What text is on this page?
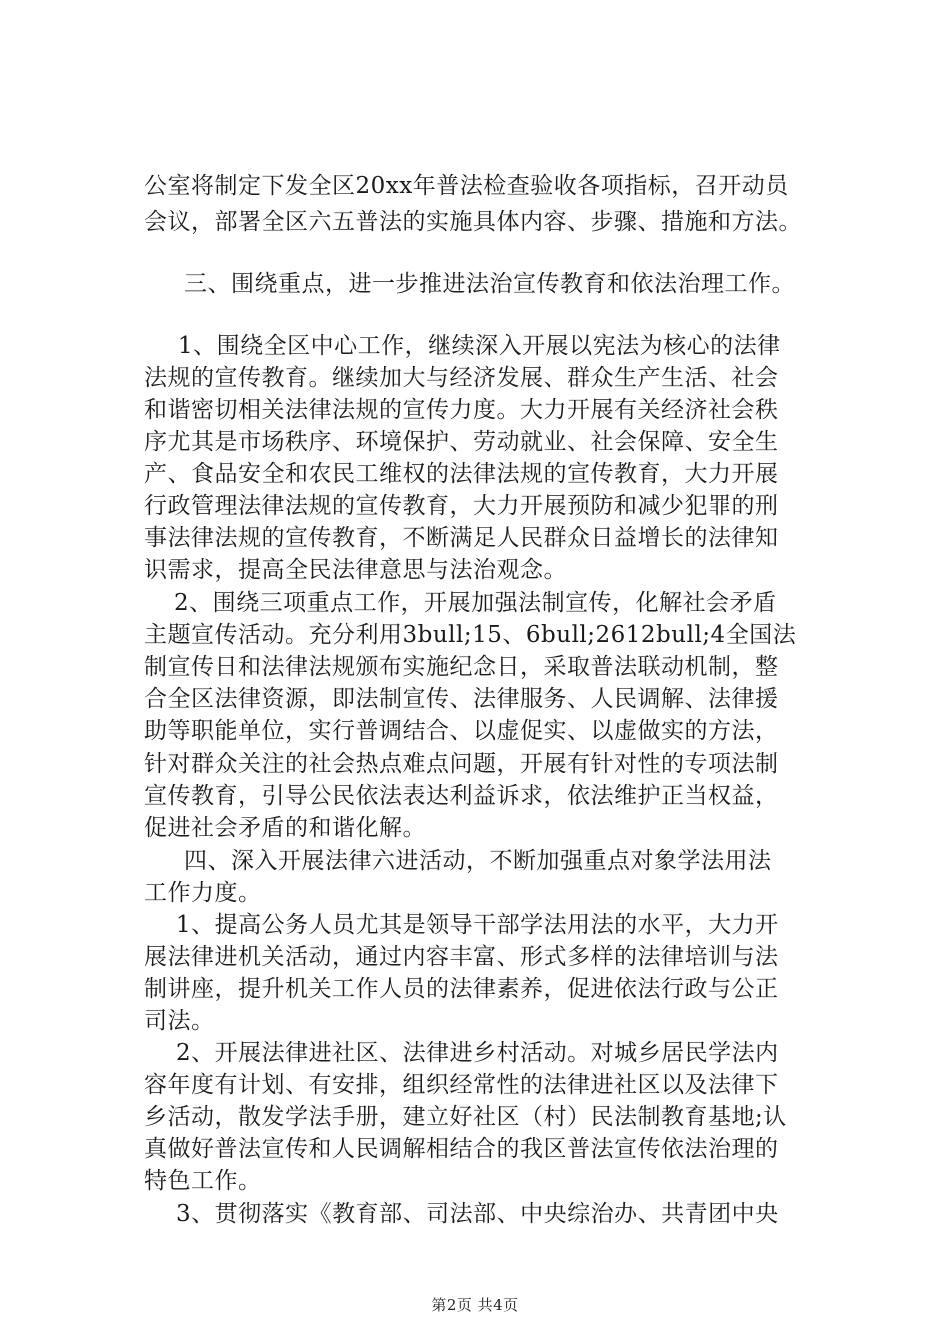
公室将制定下发全区20xx年普法检查验收各项指标，召开动员

会议，部署全区六五普法的实施具体内容、步骤、措施和方法。

三、围绕重点，进一步推进法治宣传教育和依法治理工作。

1、围绕全区中心工作，继续深入开展以宪法为核心的法律

法规的宣传教育。继续加大与经济发展、群众生产生活、社会

和谐密切相关法律法规的宣传力度。大力开展有关经济社会秩

序尤其是市场秩序、环境保护、劳动就业、社会保障、安全生

产、食品安全和农民工维权的法律法规的宣传教育，大力开展

行政管理法律法规的宣传教育，大力开展预防和减少犯罪的刑

事法律法规的宣传教育，不断满足人民群众日益增长的法律知

识需求，提高全民法律意思与法治观念。

2、围绕三项重点工作，开展加强法制宣传，化解社会矛盾

主题宣传活动。充分利用3bull;15、6bull;2612bull;4全国法

制宣传日和法律法规颁布实施纪念日，采取普法联动机制，整

合全区法律资源，即法制宣传、法律服务、人民调解、法律援

助等职能单位，实行普调结合、以虚促实、以虚做实的方法，

针对群众关注的社会热点难点问题，开展有针对性的专项法制

宣传教育，引导公民依法表达利益诉求，依法维护正当权益，

促进社会矛盾的和谐化解。

四、深入开展法律六进活动，不断加强重点对象学法用法

工作力度。

1、提高公务人员尤其是领导干部学法用法的水平，大力开

展法律进机关活动，通过内容丰富、形式多样的法律培训与法

制讲座，提升机关工作人员的法律素养，促进依法行政与公正

司法。

2、开展法律进社区、法律进乡村活动。对城乡居民学法内

容年度有计划、有安排，组织经常性的法律进社区以及法律下

乡活动，散发学法手册，建立好社区（村）民法制教育基地;认

真做好普法宣传和人民调解相结合的我区普法宣传依法治理的

特色工作。

3、贯彻落实《教育部、司法部、中央综治办、共青团中央

第2页 共4页
